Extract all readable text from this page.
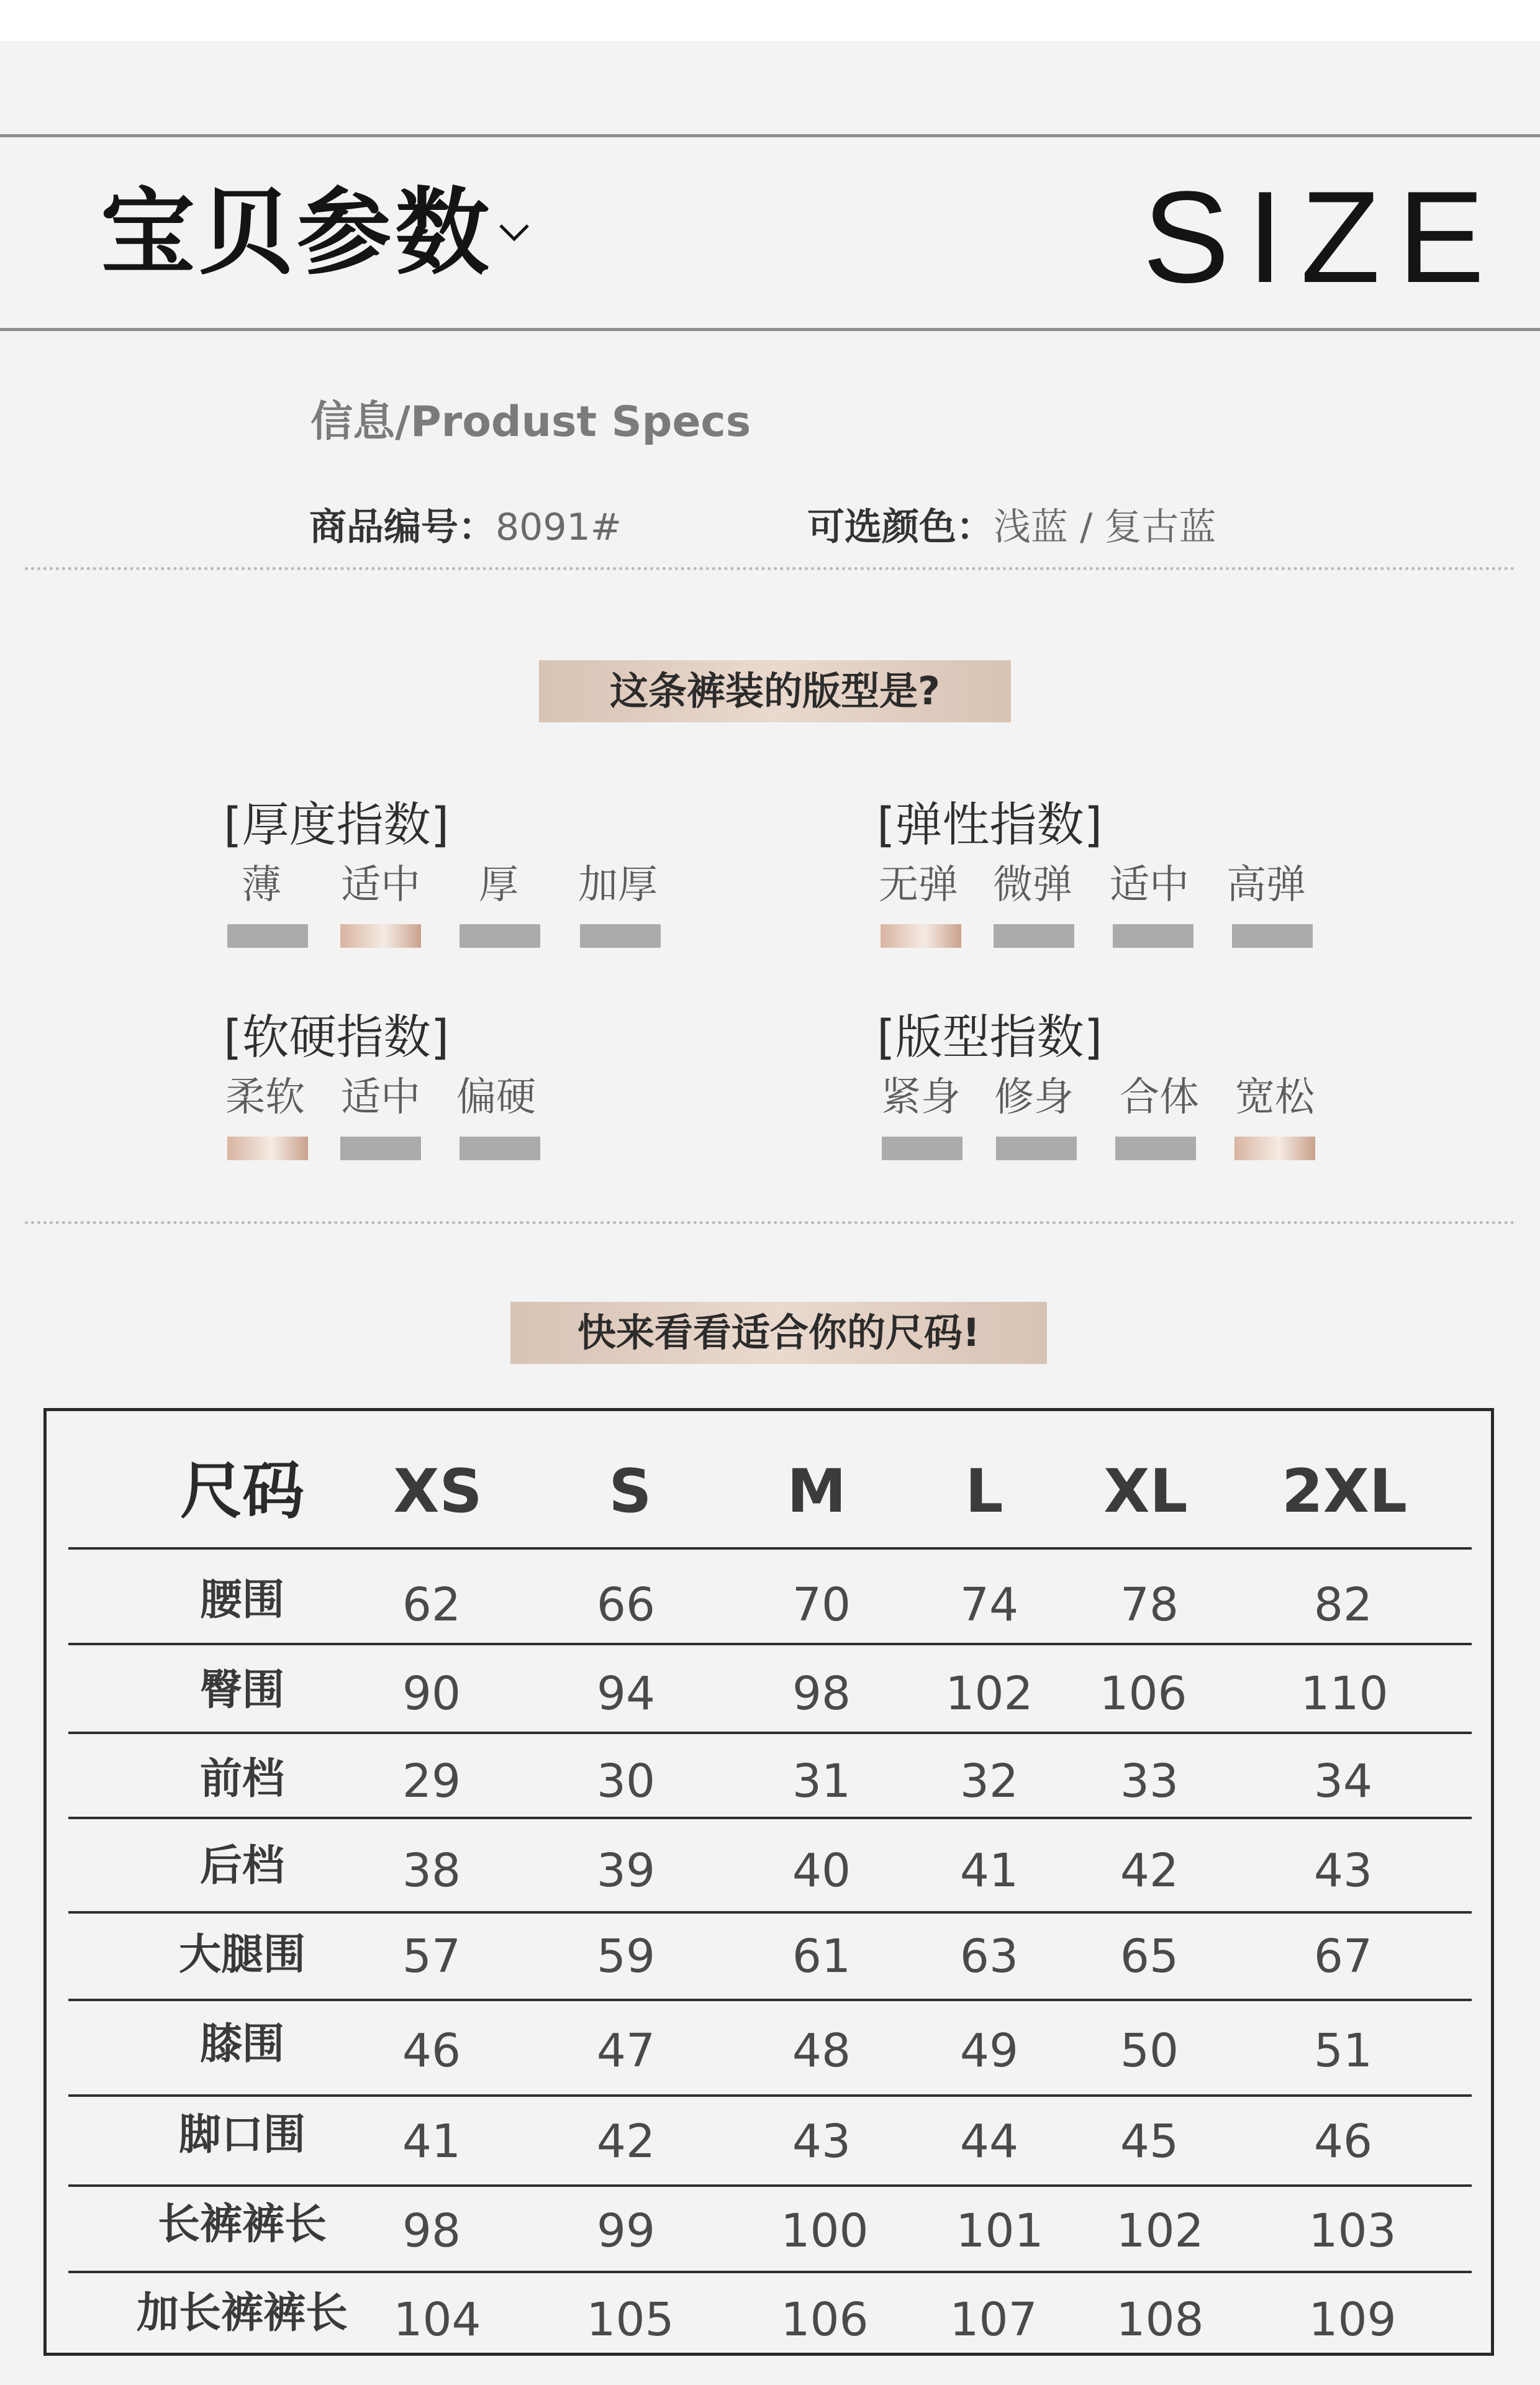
宝贝参数	SIZE
信息/Produst Specs
商品编号：8091#	可选颜色：浅蓝 / 复古蓝
这条裤装的版型是?
[厚度指数]
薄	适中	厚	加厚
[弹性指数]
无弹 微弹 适中 高弹
[软硬指数]
柔软 适中 偏硬
[版型指数]
紧身 修身 合体 宽松
快来看看适合你的尺码!
尺码	XS	S	M	L	XL	2XL
腰围	62	66	70	74	78	82
臀围	90	94	98	102 106 110
前档	29	30	31	32	33	34
后档	38	39	40	41	42	43
大腿围	57	59	61	63	65	67
膝围	46	47	48	49	50	51
脚口围	41	42	43	44	45	46
长裤裤长	98	99	100 101 102 103
加长裤裤长 104 105 106 107 108 109
